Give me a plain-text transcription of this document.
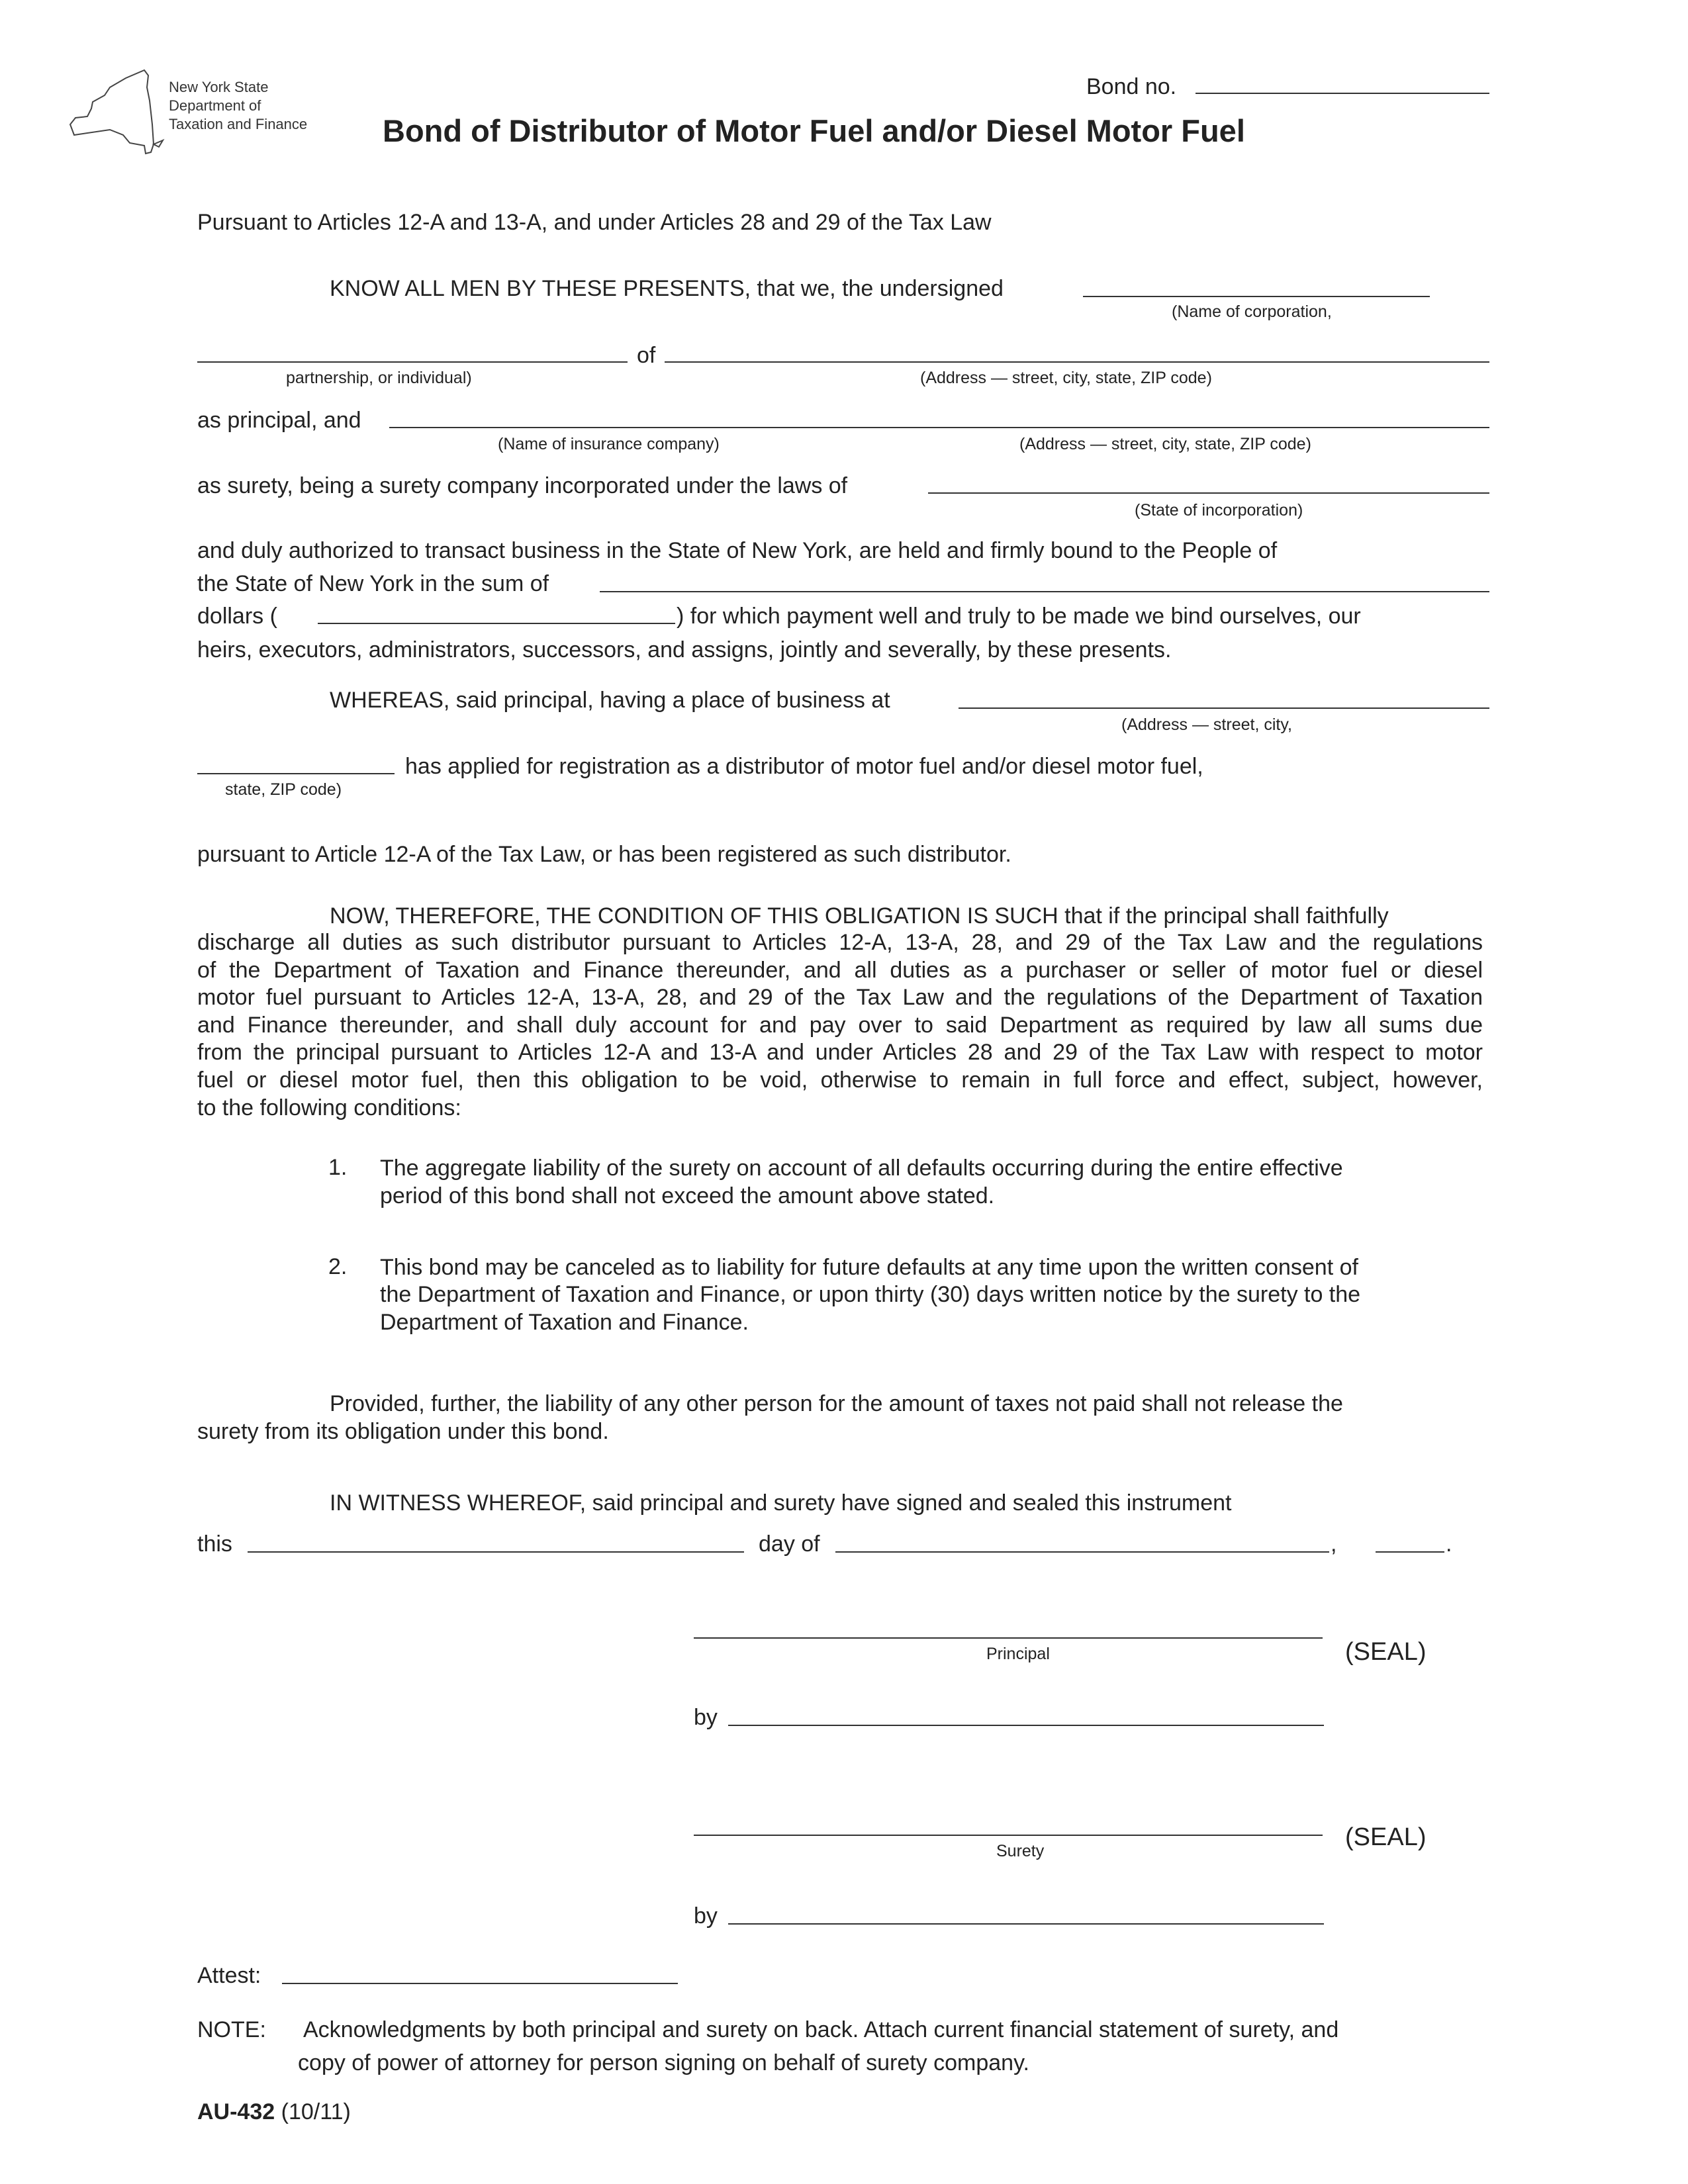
New York State
Department of
Taxation and Finance
Bond no.
Bond of Distributor of Motor Fuel and/or Diesel Motor Fuel
Pursuant to Articles 12-A and 13-A, and under Articles 28 and 29 of the Tax Law
KNOW ALL MEN BY THESE PRESENTS, that we, the undersigned
(Name of corporation,
of
partnership, or individual)	(Address — street, city, state, ZIP code)
as principal, and
(Name of insurance company)	(Address — street, city, state, ZIP code)
as surety, being a surety company incorporated under the laws of
(State of incorporation)
and duly authorized to transact business in the State of New York, are held and firmly bound to the People of
the State of New York in the sum of
dollars (	) for which payment well and truly to be made we bind ourselves, our
heirs, executors, administrators, successors, and assigns, jointly and severally, by these presents.
WHEREAS, said principal, having a place of business at
(Address — street, city,
has applied for registration as a distributor of motor fuel and/or diesel motor fuel,
state, ZIP code)
pursuant to Article 12-A of the Tax Law, or has been registered as such distributor.
NOW, THEREFORE, THE CONDITION OF THIS OBLIGATION IS SUCH that if the principal shall faithfully
discharge all duties as such distributor pursuant to Articles 12-A, 13-A, 28, and 29 of the Tax Law and the regulations
of the Department of Taxation and Finance thereunder, and all duties as a purchaser or seller of motor fuel or diesel
motor fuel pursuant to Articles 12-A, 13-A, 28, and 29 of the Tax Law and the regulations of the Department of Taxation
and Finance thereunder, and shall duly account for and pay over to said Department as required by law all sums due
from the principal pursuant to Articles 12-A and 13-A and under Articles 28 and 29 of the Tax Law with respect to motor
fuel or diesel motor fuel, then this obligation to be void, otherwise to remain in full force and effect, subject, however,
to the following conditions:
1. The aggregate liability of the surety on account of all defaults occurring during the entire effective
period of this bond shall not exceed the amount above stated.
2. This bond may be canceled as to liability for future defaults at any time upon the written consent of
the Department of Taxation and Finance, or upon thirty (30) days written notice by the surety to the
Department of Taxation and Finance.
Provided, further, the liability of any other person for the amount of taxes not paid shall not release the
surety from its obligation under this bond.
IN WITNESS WHEREOF, said principal and surety have signed and sealed this instrument
this	day of	,	.
Principal	(SEAL)
by
Surety	(SEAL)
by
Attest:
NOTE: Acknowledgments by both principal and surety on back. Attach current financial statement of surety, and
copy of power of attorney for person signing on behalf of surety company.
AU-432 (10/11)
